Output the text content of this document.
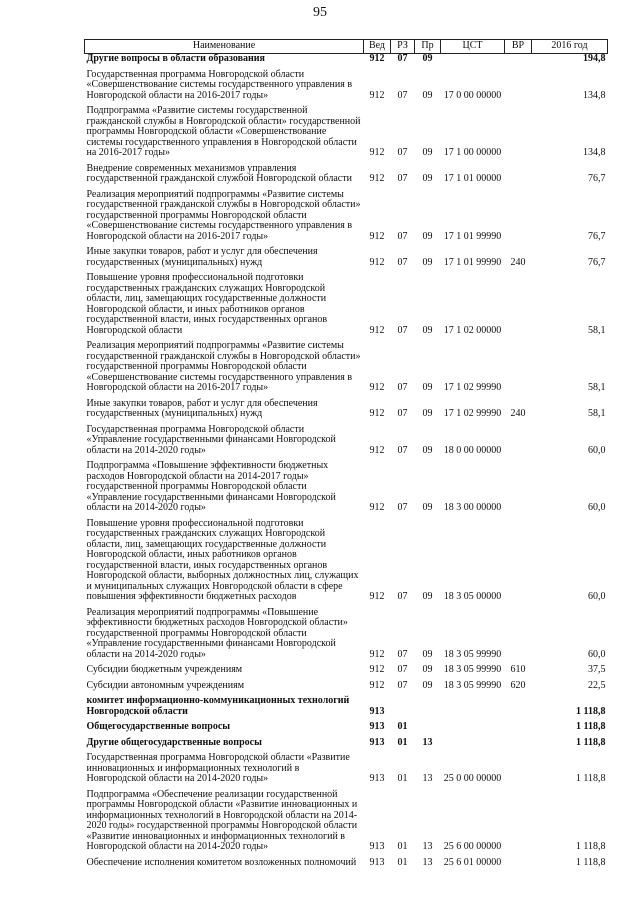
95
Наименование	Вед	РЗ	Пр	ЦСТ	ВР	2016 год
Другие вопросы в области образования	912	07	09			194,8
Государственная программа Новгородской области «Совершенствование системы государственного управления в Новгородской области на 2016-2017 годы»	912	07	09	17 0 00 00000		134,8
Подпрограмма «Развитие системы государственной гражданской службы в Новгородской области» государственной программы Новгородской области «Совершенствование системы государственного управления в Новгородской области на 2016-2017 годы»	912	07	09	17 1 00 00000		134,8
Внедрение современных механизмов управления государственной гражданской службой Новгородской области	912	07	09	17 1 01 00000		76,7
Реализация мероприятий подпрограммы «Развитие системы государственной гражданской службы в Новгородской области» государственной программы Новгородской области «Совершенствование системы государственного управления в Новгородской области на 2016-2017 годы»	912	07	09	17 1 01 99990		76,7
Иные закупки товаров, работ и услуг для обеспечения государственных (муниципальных) нужд	912	07	09	17 1 01 99990	240	76,7
Повышение уровня профессиональной подготовки государственных гражданских служащих Новгородской области, лиц, замещающих государственные должности Новгородской области, и иных работников органов государственной власти, иных государственных органов Новгородской области	912	07	09	17 1 02 00000		58,1
Реализация мероприятий подпрограммы «Развитие системы государственной гражданской службы в Новгородской области» государственной программы Новгородской области «Совершенствование системы государственного управления в Новгородской области на 2016-2017 годы»	912	07	09	17 1 02 99990		58,1
Иные закупки товаров, работ и услуг для обеспечения государственных (муниципальных) нужд	912	07	09	17 1 02 99990	240	58,1
Государственная программа Новгородской области «Управление государственными финансами Новгородской области на 2014-2020 годы»	912	07	09	18 0 00 00000		60,0
Подпрограмма «Повышение эффективности бюджетных расходов Новгородской области на 2014-2017 годы» государственной программы Новгородской области «Управление государственными финансами Новгородской области на 2014-2020 годы»	912	07	09	18 3 00 00000		60,0
Повышение уровня профессиональной подготовки государственных гражданских служащих Новгородской области, лиц, замещающих государственные должности Новгородской области, иных работников органов государственной власти, иных государственных органов Новгородской области, выборных должностных лиц, служащих и муниципальных служащих Новгородской области в сфере повышения эффективности бюджетных расходов	912	07	09	18 3 05 00000		60,0
Реализация мероприятий подпрограммы «Повышение эффективности бюджетных расходов Новгородской области» государственной программы Новгородской области «Управление государственными финансами Новгородской области на 2014-2020 годы»	912	07	09	18 3 05 99990		60,0
Субсидии бюджетным учреждениям	912	07	09	18 3 05 99990	610	37,5
Субсидии автономным учреждениям	912	07	09	18 3 05 99990	620	22,5
комитет информационно-коммуникационных технологий Новгородской области	913					1 118,8
Общегосударственные вопросы	913	01				1 118,8
Другие общегосударственные вопросы	913	01	13			1 118,8
Государственная программа Новгородской области «Развитие инновационных и информационных технологий в Новгородской области на 2014-2020 годы»	913	01	13	25 0 00 00000		1 118,8
Подпрограмма «Обеспечение реализации государственной программы Новгородской области «Развитие инновационных и информационных технологий в Новгородской области на 2014-2020 годы» государственной программы Новгородской области «Развитие инновационных и информационных технологий в Новгородской области на 2014-2020 годы»	913	01	13	25 6 00 00000		1 118,8
Обеспечение исполнения комитетом возложенных полномочий	913	01	13	25 6 01 00000		1 118,8
